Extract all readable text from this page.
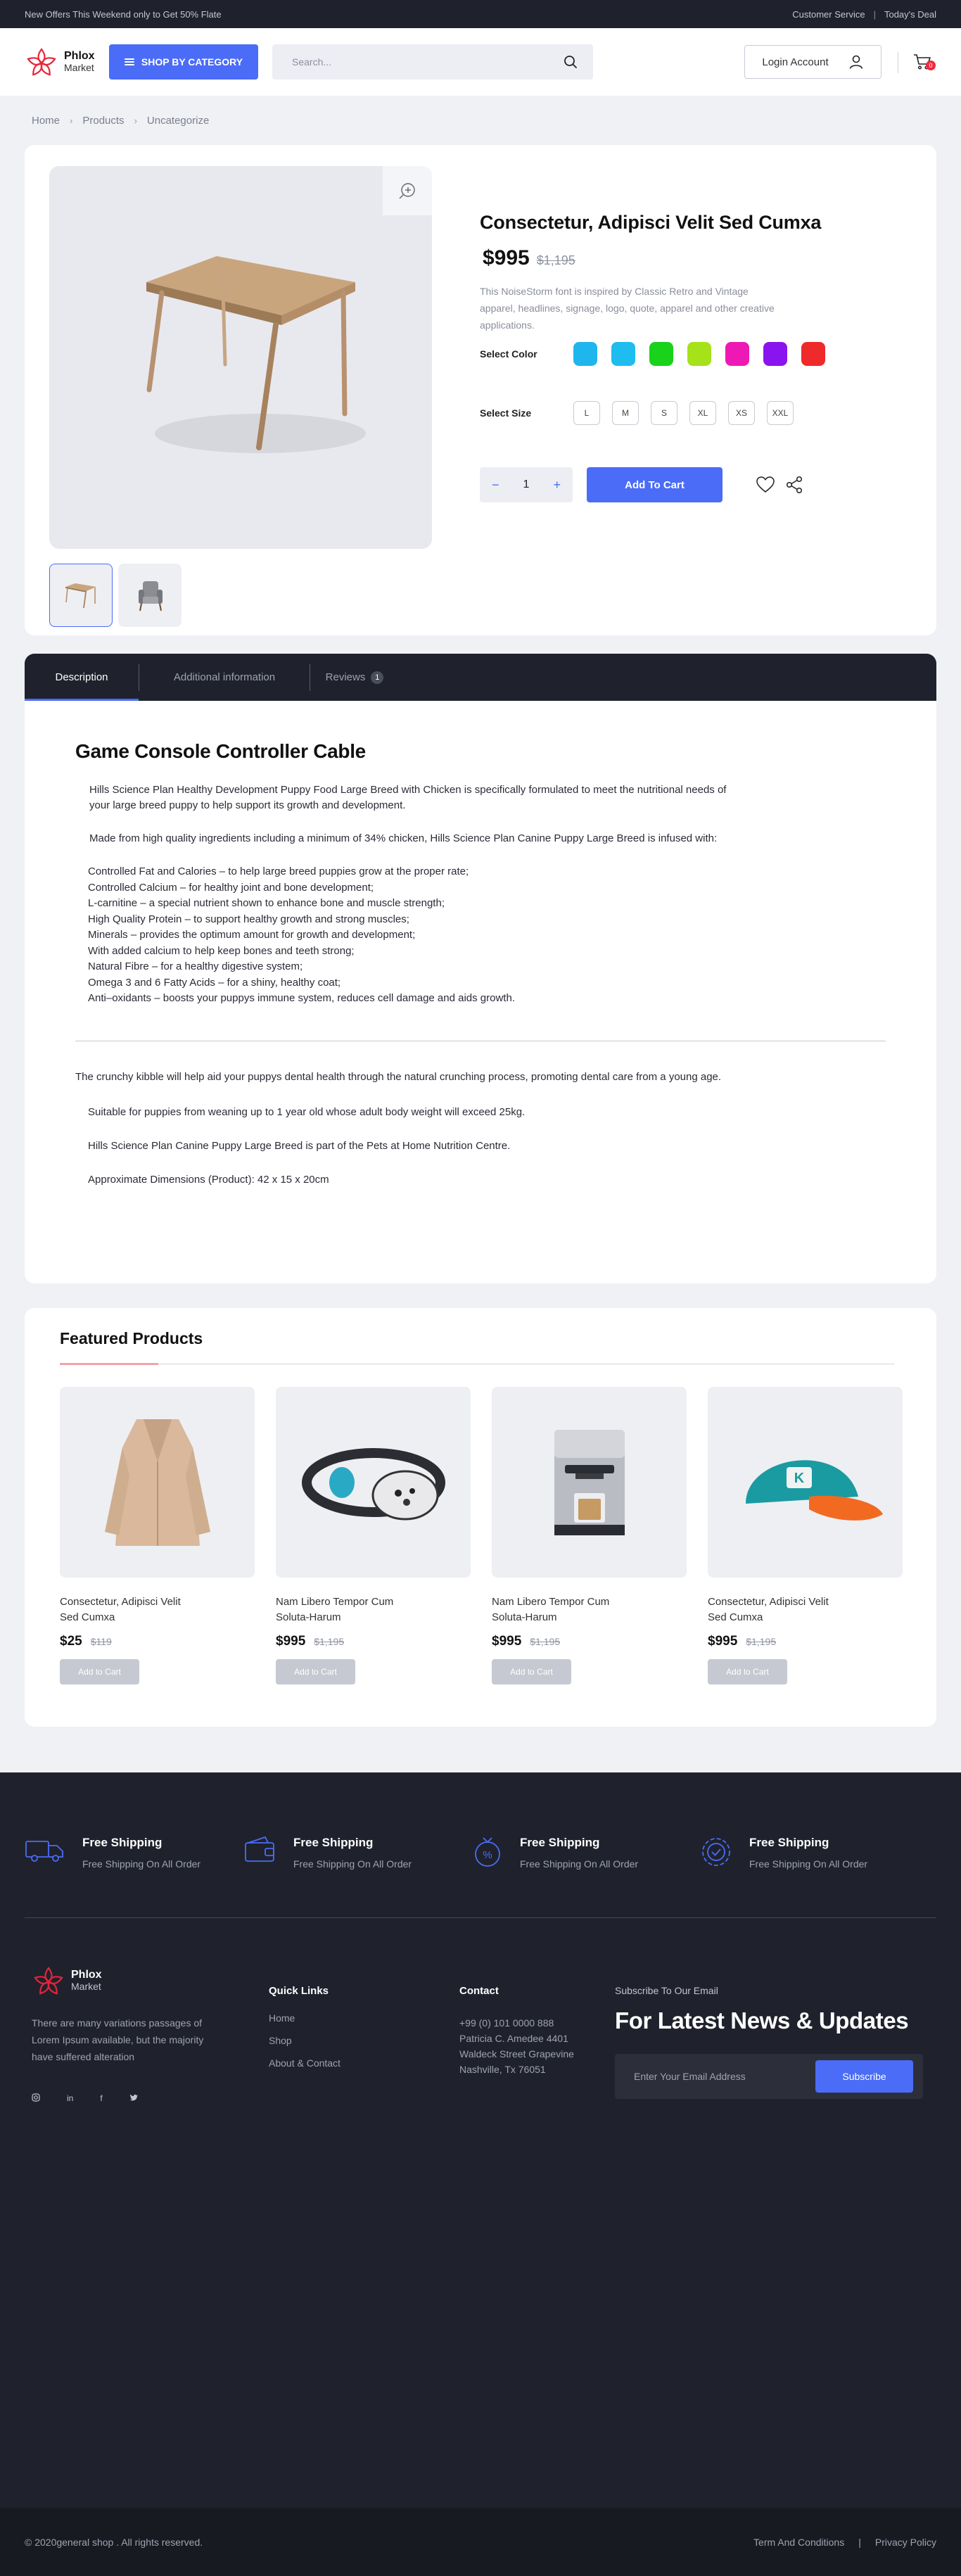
New Offers This Weekend only to Get 50% Flate	Customer Service | Today's Deal
Phlox
Market
SHOP BY CATEGORY
Search...	Login Account	0
Home › Products › Uncategorize
Consectetur, Adipisci Velit Sed Cumxa
$995 $1,195

This NoiseStorm font is inspired by Classic Retro and Vintage apparel, headlines, signage, logo, quote, apparel and other creative applications.

Select Color
Select Size	L	M	S	XL	XS	XXL
− 1 +	Add To Cart
Description	Additional information	Reviews	1
Game Console Controller Cable

Hills Science Plan Healthy Development Puppy Food Large Breed with Chicken is specifically formulated to meet the nutritional needs of your large breed puppy to help support its growth and development.

Made from high quality ingredients including a minimum of 34% chicken, Hills Science Plan Canine Puppy Large Breed is infused with:

Controlled Fat and Calories – to help large breed puppies grow at the proper rate;
Controlled Calcium – for healthy joint and bone development;
L-carnitine – a special nutrient shown to enhance bone and muscle strength;
High Quality Protein – to support healthy growth and strong muscles;
Minerals – provides the optimum amount for growth and development;
With added calcium to help keep bones and teeth strong;
Natural Fibre – for a healthy digestive system;
Omega 3 and 6 Fatty Acids – for a shiny, healthy coat;
Anti–oxidants – boosts your puppys immune system, reduces cell damage and aids growth.

The crunchy kibble will help aid your puppys dental health through the natural crunching process, promoting dental care from a young age.

Suitable for puppies from weaning up to 1 year old whose adult body weight will exceed 25kg.

Hills Science Plan Canine Puppy Large Breed is part of the Pets at Home Nutrition Centre.

Approximate Dimensions (Product): 42 x 15 x 20cm

Featured Products
Consectetur, Adipisci Velit Sed Cumxa
$25 $119
Add to Cart
Nam Libero Tempor Cum Soluta-Harum
$995 $1,195
Add to Cart
Nam Libero Tempor Cum Soluta-Harum
$995 $1,195
Add to Cart
K
Consectetur, Adipisci Velit Sed Cumxa
$995 $1,195
Add to Cart
Free Shipping
Free Shipping On All Order
Free Shipping
Free Shipping On All Order
%
Free Shipping
Free Shipping On All Order
Free Shipping
Free Shipping On All Order
Phlox
Market

There are many variations passages of Lorem Ipsum available, but the majority have suffered alteration

in	f
Quick Links
Home
Shop
About & Contact
Contact
+99 (0) 101 0000 888
Patricia C. Amedee 4401
Waldeck Street Grapevine
Nashville, Tx 76051
Subscribe To Our Email
For Latest News & Updates
Enter Your Email Address
Subscribe
© 2020general shop . All rights reserved.	Term And Conditions | Privacy Policy
